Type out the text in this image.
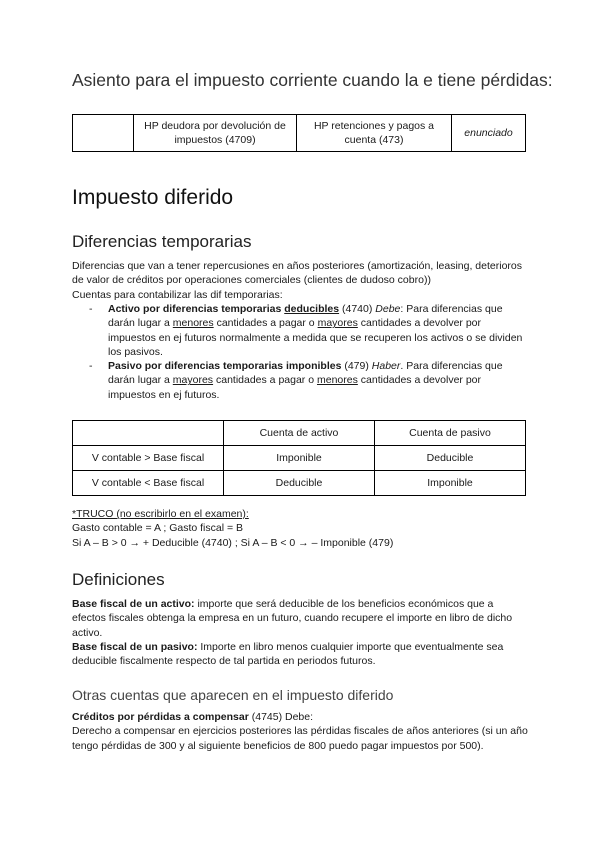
Asiento para el impuesto corriente cuando la e tiene pérdidas:
	HP deudora por devolución de impuestos (4709)	HP retenciones y pagos a cuenta (473)	enunciado
Impuesto diferido
Diferencias temporarias

Diferencias que van a tener repercusiones en años posteriores (amortización, leasing, deterioros de valor de créditos por operaciones comerciales (clientes de dudoso cobro))

Cuentas para contabilizar las dif temporarias:

- Activo por diferencias temporarias deducibles (4740) Debe: Para diferencias que darán lugar a menores cantidades a pagar o mayores cantidades a devolver por impuestos en ej futuros normalmente a medida que se recuperen los activos o se dividen los pasivos.
- Pasivo por diferencias temporarias imponibles (479) Haber. Para diferencias que darán lugar a mayores cantidades a pagar o menores cantidades a devolver por impuestos en ej futuros.
	Cuenta de activo	Cuenta de pasivo
V contable > Base fiscal	Imponible	Deducible
V contable < Base fiscal	Deducible	Imponible

*TRUCO (no escribirlo en el examen):

Gasto contable = A ; Gasto fiscal = B

Si A – B > 0 → + Deducible (4740) ; Si A – B < 0 → – Imponible (479)

Definiciones

Base fiscal de un activo: importe que será deducible de los beneficios económicos que a efectos fiscales obtenga la empresa en un futuro, cuando recupere el importe en libro de dicho activo.

Base fiscal de un pasivo: Importe en libro menos cualquier importe que eventualmente sea deducible fiscalmente respecto de tal partida en periodos futuros.

Otras cuentas que aparecen en el impuesto diferido

Créditos por pérdidas a compensar (4745) Debe:

Derecho a compensar en ejercicios posteriores las pérdidas fiscales de años anteriores (si un año tengo pérdidas de 300 y al siguiente beneficios de 800 puedo pagar impuestos por 500).
